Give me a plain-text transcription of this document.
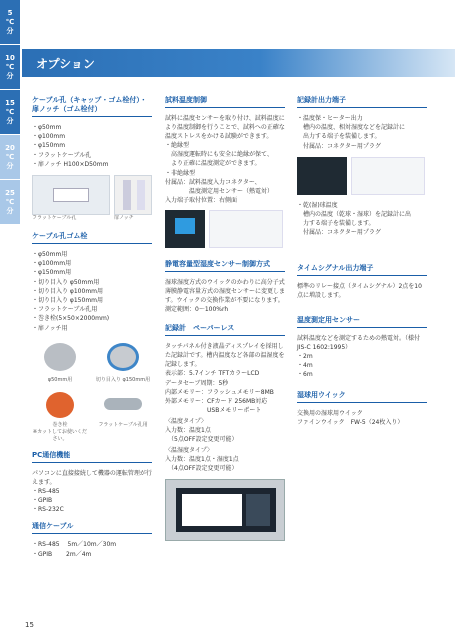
5
℃
分
10
℃
分
15
℃
分
20
℃
分
25
℃
分
オプション
ケーブル孔（キャップ・ゴム栓付）・扉ノッチ（ゴム栓付）
・φ50mm
・φ100mm
・φ150mm
・フラットケーブル孔
・扉ノッチ H100×D50mm
フラットケーブル孔	扉ノッチ
ケーブル孔ゴム栓
・φ50mm用
・φ100mm用
・φ150mm用
・切り目入り φ50mm用
・切り目入り φ100mm用
・切り目入り φ150mm用
・フラットケーブル孔用
・巻き栓(5×50×2000mm)
・扉ノッチ用
φ50mm用	切り目入り φ150mm用
巻き栓
※カットしてお使いください。
フラットケーブル孔用
PC通信機能
パソコンに直接接続して機器の運転管理が行えます。
・RS-485
・GPIB
・RS-232C
通信ケーブル
・RS-485　 5m／10m／30m
・GPIB　　 2m／4m
試料温度制御
試料に温度センサーを取り付け、試料温度により温度制御を行うことで、試料への正確な温度ストレスをかける試験ができます。
・絶縁型
　高湿度運転時にも安全に絶縁が保て、
　より正確に温度測定ができます。
・非絶縁型
付属品：試料温度入力コネクター、
　　　　温度測定用センサー（熱電対）
入力端子取付位置：右側面
静電容量型湿度センサー制御方式
湿球湿度方式のウイックのかわりに高分子式薄膜静電容量方式の湿度センサーに変更します。ウイックの交換作業が不要になります。
測定範囲：0～100%rh
記録計　ペーパーレス
タッチパネル付き液晶ディスプレイを採用した記録計です。槽内温度など各部の温湿度を記録します。
表示部：5.7インチ TFTカラーLCD
データセーブ周期：5秒
内部メモリー：フラッシュメモリー8MB
外部メモリー：CFカード 256MB対応
　　　　　　　USBメモリーポート
〈温度タイプ〉
入力数：温度1点
　（5点OFF設定変更可能）
〈温湿度タイプ〉
入力数：温度1点・湿度1点
　（4点OFF設定変更可能）
記録計出力端子
・温度保・ヒーター出力
　槽内の温度、相対湿度などを記録計に
　出力する端子を装備します。
　付属品：コネクター用プラグ
・乾(湿)球温度
　槽内の温度（乾球・湿球）を記録計に出
　力する端子を装備します。
　付属品：コネクター用プラグ
タイムシグナル出力端子
標準のリレー接点（タイムシグナル）2点を10点に増設します。
温度測定用センサー
試料温度などを測定するための熱電対。（様付　JIS-C 1602:1995）
・2m
・4m
・6m
湿球用ウイック
交換用の湿球用ウイック
ファインウイック　FW-5（24枚入り）
15
